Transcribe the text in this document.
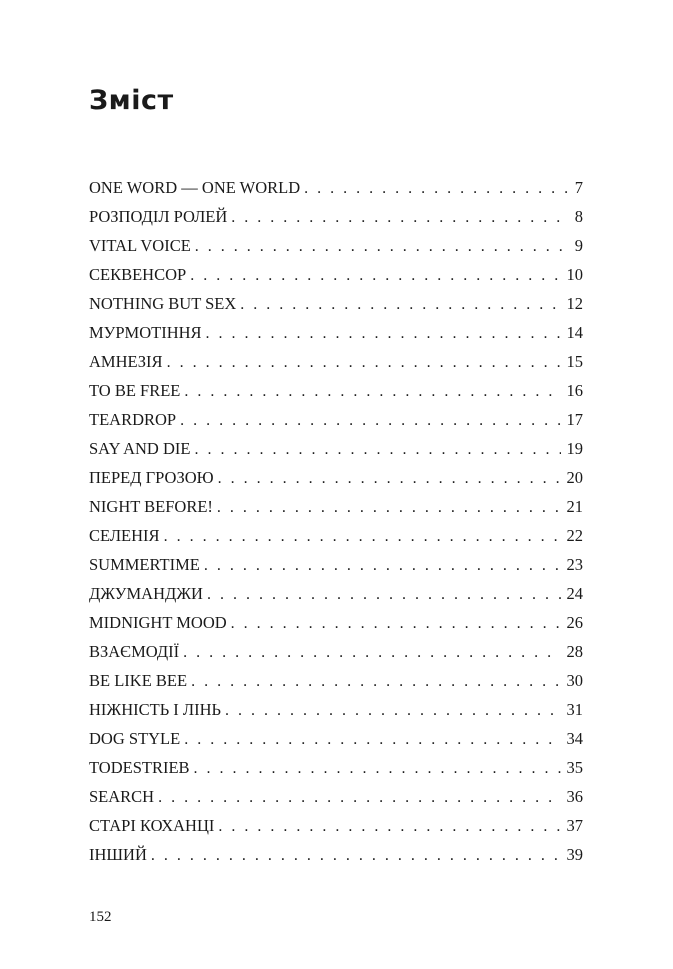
Зміст
ONE WORD — ONE WORLD . . .	7
РОЗПОДІЛ РОЛЕЙ . . .	8
VITAL VOICE . . .	9
СЕКВЕНСОР . . .	10
NOTHING BUT SEX . . .	12
МУРМОТІННЯ . . .	14
АМНЕЗІЯ . . .	15
TO BE FREE . . .	16
TEARDROP . . .	17
SAY AND DIE . . .	19
ПЕРЕД ГРОЗОЮ . . .	20
NIGHT BEFORE! . . .	21
СЕЛЕНІЯ . . .	22
SUMMERTIME . . .	23
ДЖУМАНДЖИ . . .	24
MIDNIGHT MOOD . . .	26
ВЗАЄМОДІЇ . . .	28
BE LIKE BEE . . .	30
НІЖНІСТЬ І ЛІНЬ . . .	31
DOG STYLE . . .	34
TODESTRIEB . . .	35
SEARCH . . .	36
СТАРІ КОХАНЦІ . . .	37
ІНШИЙ . . .	39
152
